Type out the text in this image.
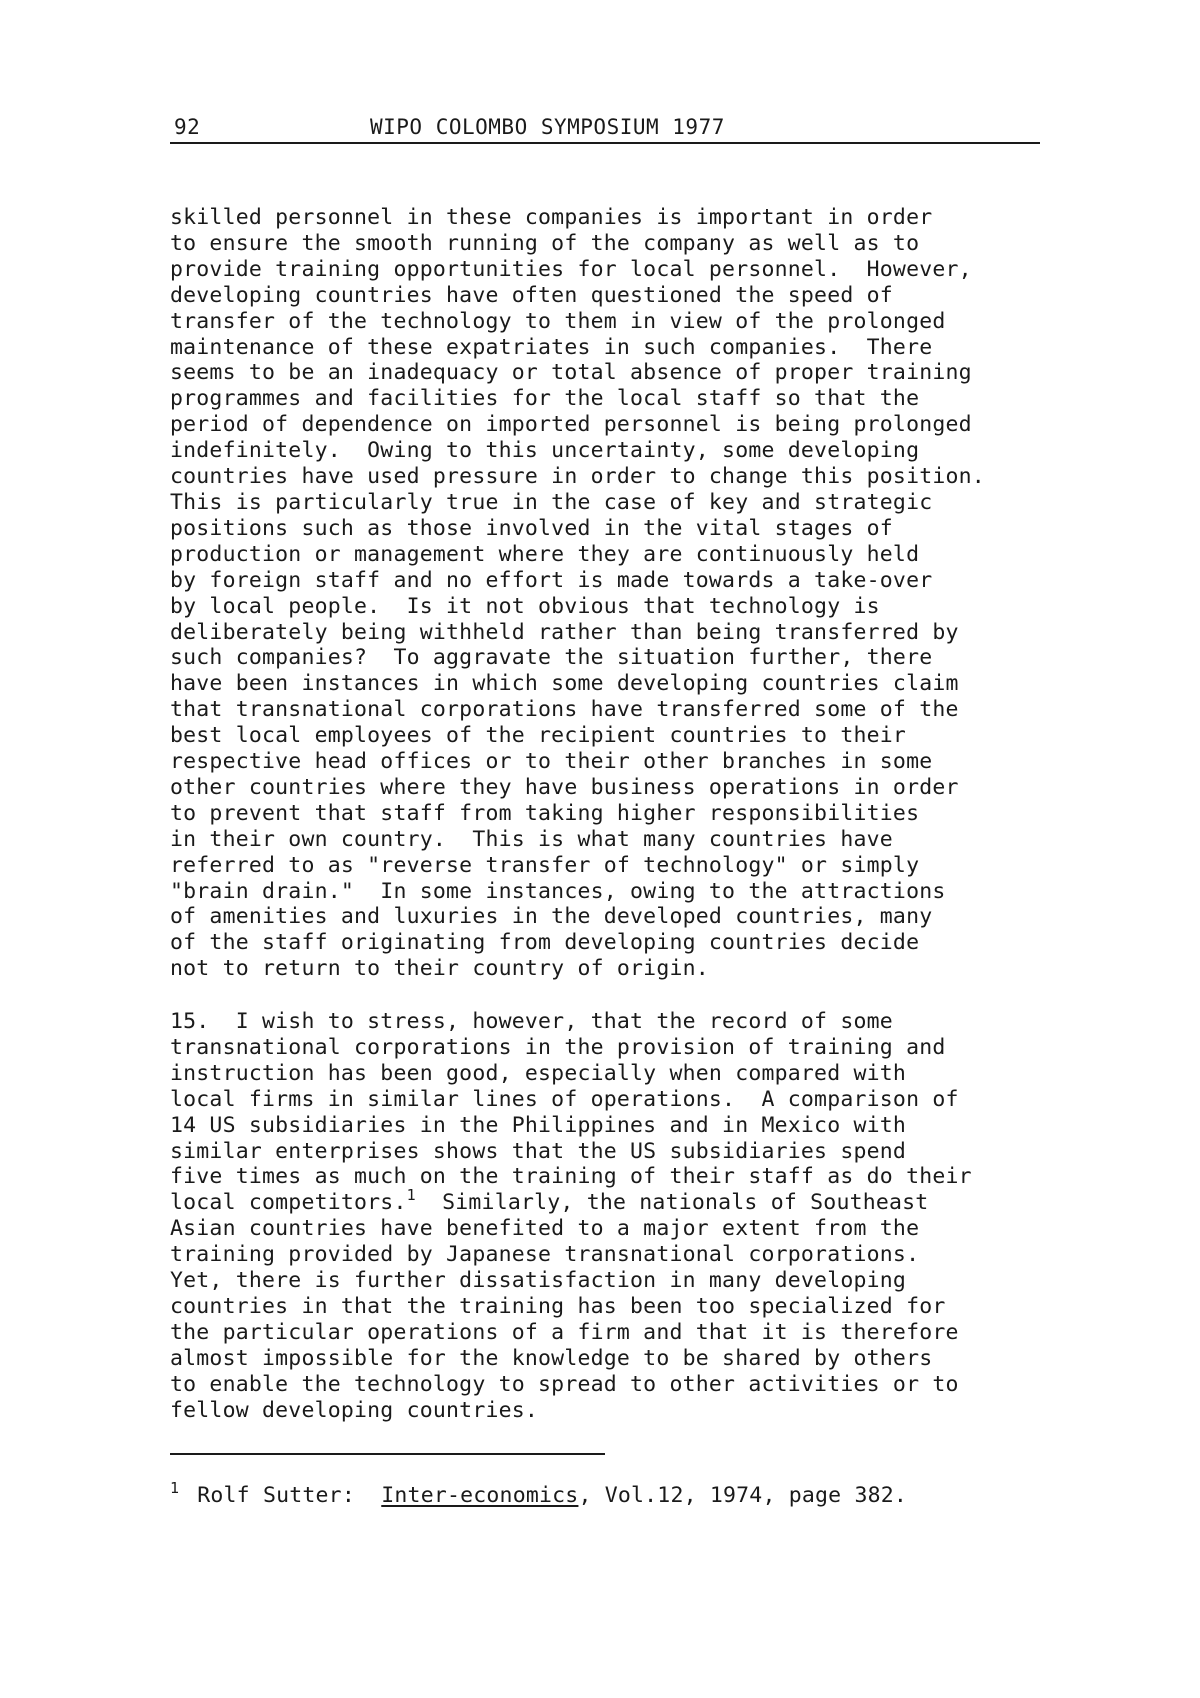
92	WIPO COLOMBO SYMPOSIUM 1977
skilled personnel in these companies is important in order
to ensure the smooth running of the company as well as to
provide training opportunities for local personnel.  However,
developing countries have often questioned the speed of
transfer of the technology to them in view of the prolonged
maintenance of these expatriates in such companies.  There
seems to be an inadequacy or total absence of proper training
programmes and facilities for the local staff so that the
period of dependence on imported personnel is being prolonged
indefinitely.  Owing to this uncertainty, some developing
countries have used pressure in order to change this position.
This is particularly true in the case of key and strategic
positions such as those involved in the vital stages of
production or management where they are continuously held
by foreign staff and no effort is made towards a take-over
by local people.  Is it not obvious that technology is
deliberately being withheld rather than being transferred by
such companies?  To aggravate the situation further, there
have been instances in which some developing countries claim
that transnational corporations have transferred some of the
best local employees of the recipient countries to their
respective head offices or to their other branches in some
other countries where they have business operations in order
to prevent that staff from taking higher responsibilities
in their own country.  This is what many countries have
referred to as "reverse transfer of technology" or simply
"brain drain."  In some instances, owing to the attractions
of amenities and luxuries in the developed countries, many
of the staff originating from developing countries decide
not to return to their country of origin.
15.  I wish to stress, however, that the record of some
transnational corporations in the provision of training and
instruction has been good, especially when compared with
local firms in similar lines of operations.  A comparison of
14 US subsidiaries in the Philippines and in Mexico with
similar enterprises shows that the US subsidiaries spend
five times as much on the training of their staff as do their
local competitors.$^1$  Similarly, the nationals of Southeast
Asian countries have benefited to a major extent from the
training provided by Japanese transnational corporations.
Yet, there is further dissatisfaction in many developing
countries in that the training has been too specialized for
the particular operations of a firm and that it is therefore
almost impossible for the knowledge to be shared by others
to enable the technology to spread to other activities or to
fellow developing countries.
$^1$ Rolf Sutter:  Inter-economics, Vol.12, 1974, page 382.
